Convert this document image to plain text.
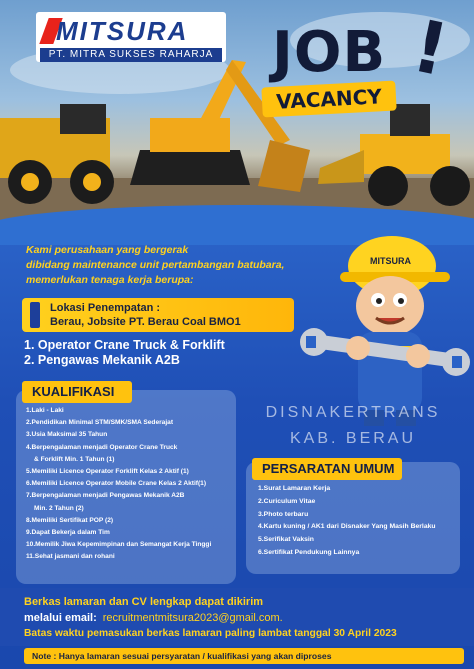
MITSURA
PT. MITRA SUKSES RAHARJA JOB !
VACANCY
Kami perusahaan yang bergerak
dibidang maintenance unit pertambangan batubara,
memerlukan tenaga kerja berupa:
Lokasi Penempatan :
Berau, Jobsite PT. Berau Coal BMO1
1. Operator Crane Truck & Forklift
2. Pengawas Mekanik A2B
MITSURA
KUALIFIKASI
1.Laki - Laki
2.Pendidikan Minimal STM/SMK/SMA Sederajat
3.Usia Maksimal 35 Tahun
4.Berpengalaman menjadi Operator Crane Truck
& Forklift Min. 1 Tahun (1)
5.Memiliki Licence Operator Forklift Kelas 2 Aktif (1)
6.Memiliki Licence Operator Mobile Crane Kelas 2 Aktif(1)
7.Berpengalaman menjadi Pengawas Mekanik A2B
Min. 2 Tahun (2)
8.Memiliki Sertifikat POP (2)
9.Dapat Bekerja dalam Tim
10.Memilik Jiwa Kepemimpinan dan Semangat Kerja Tinggi
11.Sehat jasmani dan rohani
DISNAKERTRANS
KAB. BERAU
PERSARATAN UMUM
1.Surat Lamaran Kerja
2.Curiculum Vitae
3.Photo terbaru
4.Kartu kuning / AK1 dari Disnaker Yang Masih Berlaku
5.Serifikat Vaksin
6.Sertifikat Pendukung Lainnya
Berkas lamaran dan CV lengkap dapat dikirim
melalui email: recruitmentmitsura2023@gmail.com.
Batas waktu pemasukan berkas lamaran paling lambat tanggal 30 April 2023
Note : Hanya lamaran sesuai persyaratan / kualifikasi yang akan diproses
